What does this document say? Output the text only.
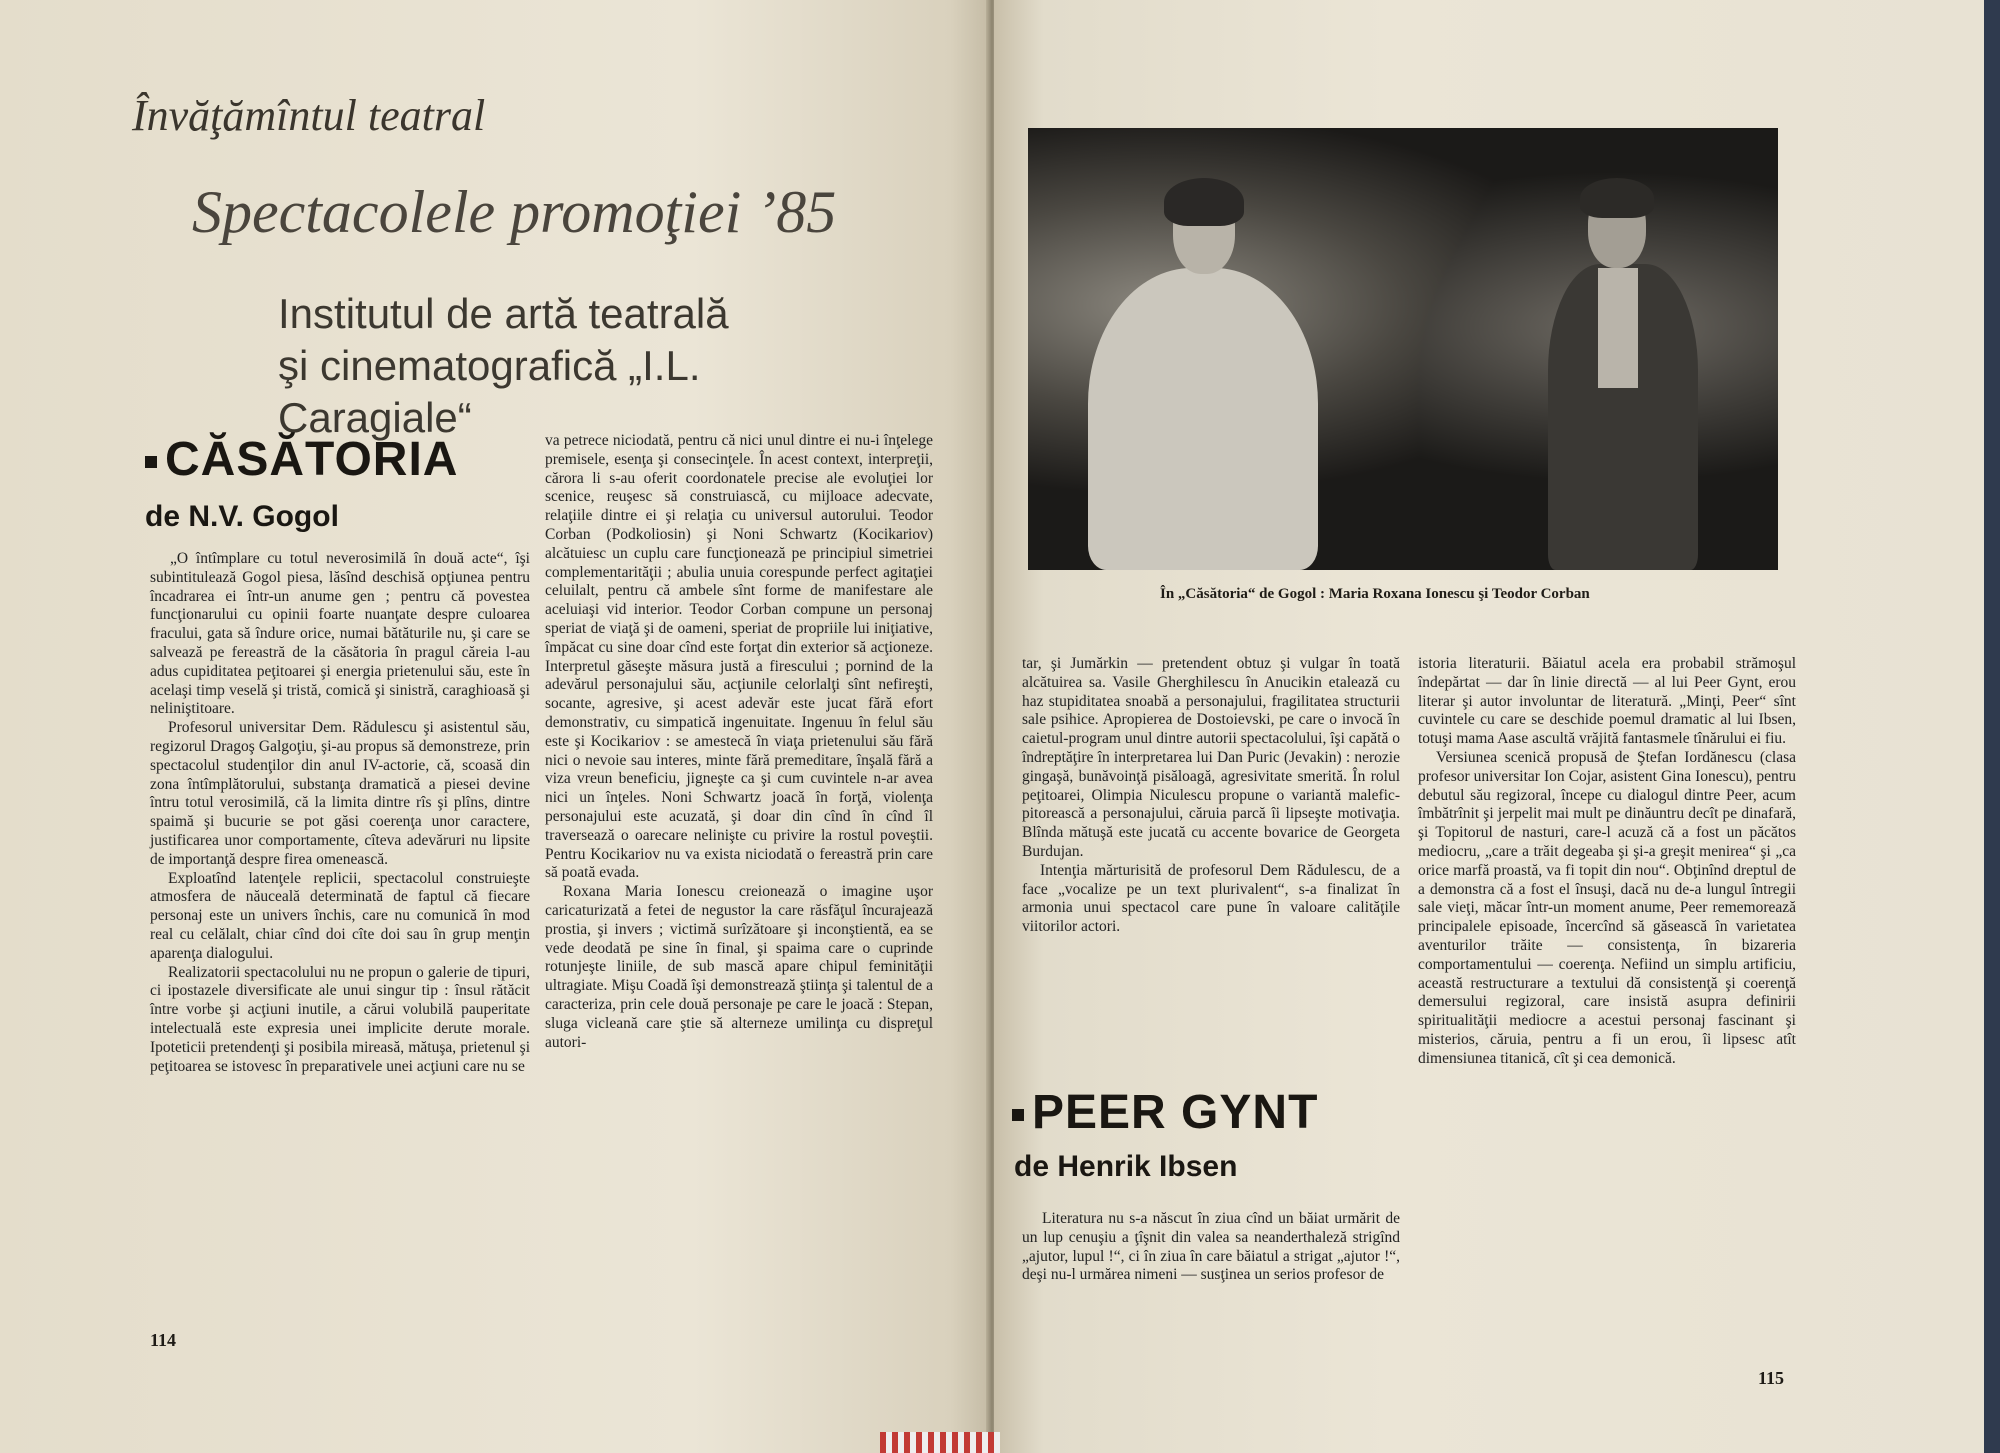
Învăţămîntul teatral
Spectacolele promoţiei ’85
Institutul de artă teatrală
şi cinematografică „I.L. Caragiale“
CĂSĂTORIA
de N.V. Gogol

„O întîmplare cu totul neverosimilă în două acte“, îşi subintitulează Gogol piesa, lăsînd deschisă opţiunea pentru încadrarea ei într-un anume gen ; pentru că povestea funcţionarului cu opinii foarte nuanţate despre culoarea fracului, gata să îndure orice, numai bătăturile nu, şi care se salvează pe fereastră de la căsătoria în pragul căreia l-au adus cupiditatea peţitoarei şi energia prietenului său, este în acelaşi timp veselă şi tristă, comică şi sinistră, caraghioasă şi neliniştitoare.

Profesorul universitar Dem. Rădulescu şi asistentul său, regizorul Dragoş Galgoţiu, şi-au propus să demonstreze, prin spectacolul studenţilor din anul IV-actorie, că, scoasă din zona întîmplătorului, substanţa dramatică a piesei devine întru totul verosimilă, că la limita dintre rîs şi plîns, dintre spaimă şi bucurie se pot găsi coerenţa unor caractere, justificarea unor comportamente, cîteva adevăruri nu lipsite de importanţă despre firea omenească.

Exploatînd latenţele replicii, spectacolul construieşte atmosfera de năuceală determinată de faptul că fiecare personaj este un univers închis, care nu comunică în mod real cu celălalt, chiar cînd doi cîte doi sau în grup menţin aparenţa dialogului.

Realizatorii spectacolului nu ne propun o galerie de tipuri, ci ipostazele diversificate ale unui singur tip : însul rătăcit între vorbe şi acţiuni inutile, a cărui volubilă pauperitate intelectuală este expresia unei implicite derute morale. Ipoteticii pretendenţi şi posibila mireasă, mătuşa, prietenul şi peţitoarea se istovesc în preparativele unei acţiuni care nu se

va petrece niciodată, pentru că nici unul dintre ei nu-i înţelege premisele, esenţa şi consecinţele. În acest context, interpreţii, cărora li s-au oferit coordonatele precise ale evoluţiei lor scenice, reuşesc să construiască, cu mijloace adecvate, relaţiile dintre ei şi relaţia cu universul autorului. Teodor Corban (Podkoliosin) şi Noni Schwartz (Kocikariov) alcătuiesc un cuplu care funcţionează pe principiul simetriei complementarităţii ; abulia unuia corespunde perfect agitaţiei celuilalt, pentru că ambele sînt forme de manifestare ale aceluiaşi vid interior. Teodor Corban compune un personaj speriat de viaţă şi de oameni, speriat de propriile lui iniţiative, împăcat cu sine doar cînd este forţat din exterior să acţioneze. Interpretul găseşte măsura justă a firescului ; pornind de la adevărul personajului său, acţiunile celorlalţi sînt nefireşti, socante, agresive, şi acest adevăr este jucat fără efort demonstrativ, cu simpatică ingenuitate. Ingenuu în felul său este şi Kocikariov : se amestecă în viaţa prietenului său fără nici o nevoie sau interes, minte fără premeditare, înşală fără a viza vreun beneficiu, jigneşte ca şi cum cuvintele n-ar avea nici un înţeles. Noni Schwartz joacă în forţă, violenţa personajului este acuzată, şi doar din cînd în cînd îl traversează o oarecare nelinişte cu privire la rostul poveştii. Pentru Kocikariov nu va exista niciodată o fereastră prin care să poată evada.

Roxana Maria Ionescu creionează o imagine uşor caricaturizată a fetei de negustor la care răsfăţul încurajează prostia, şi invers ; victimă surîzătoare şi inconştientă, ea se vede deodată pe sine în final, şi spaima care o cuprinde rotunjeşte liniile, de sub mască apare chipul feminităţii ultragiate. Mişu Coadă îşi demonstrează ştiinţa şi talentul de a caracteriza, prin cele două personaje pe care le joacă : Stepan, sluga vicleană care ştie să alterneze umilinţa cu dispreţul autori-

114

În „Căsătoria“ de Gogol : Maria Roxana Ionescu şi Teodor Corban

tar, şi Jumărkin — pretendent obtuz şi vulgar în toată alcătuirea sa. Vasile Gherghilescu în Anucikin etalează cu haz stupiditatea snoabă a personajului, fragilitatea structurii sale psihice. Apropierea de Dostoievski, pe care o invocă în caietul-program unul dintre autorii spectacolului, îşi capătă o îndreptăţire în interpretarea lui Dan Puric (Jevakin) : nerozie gingaşă, bunăvoinţă pisăloagă, agresivitate smerită. În rolul peţitoarei, Olimpia Niculescu propune o variantă malefic-pitorească a personajului, căruia parcă îi lipseşte motivaţia. Blînda mătuşă este jucată cu accente bovarice de Georgeta Burdujan.

Intenţia mărturisită de profesorul Dem Rădulescu, de a face „vocalize pe un text plurivalent“, s-a finalizat în armonia unui spectacol care pune în valoare calităţile viitorilor actori.

PEER GYNT
de Henrik Ibsen

Literatura nu s-a născut în ziua cînd un băiat urmărit de un lup cenuşiu a ţîşnit din valea sa neanderthaleză strigînd „ajutor, lupul !“, ci în ziua în care băiatul a strigat „ajutor !“, deşi nu-l urmărea nimeni — susţinea un serios profesor de

istoria literaturii. Băiatul acela era probabil strămoşul îndepărtat — dar în linie directă — al lui Peer Gynt, erou literar şi autor involuntar de literatură. „Minţi, Peer“ sînt cuvintele cu care se deschide poemul dramatic al lui Ibsen, totuşi mama Aase ascultă vrăjită fantasmele tînărului ei fiu.

Versiunea scenică propusă de Ştefan Iordănescu (clasa profesor universitar Ion Cojar, asistent Gina Ionescu), pentru debutul său regizoral, începe cu dialogul dintre Peer, acum îmbătrînit şi jerpelit mai mult pe dinăuntru decît pe dinafară, şi Topitorul de nasturi, care-l acuză că a fost un păcătos mediocru, „care a trăit degeaba şi şi-a greşit menirea“ şi „ca orice marfă proastă, va fi topit din nou“. Obţinînd dreptul de a demonstra că a fost el însuşi, dacă nu de-a lungul întregii sale vieţi, măcar într-un moment anume, Peer rememorează principalele episoade, încercînd să găsească în varietatea aventurilor trăite — consistenţa, în bizareria comportamentului — coerenţa. Nefiind un simplu artificiu, această restructurare a textului dă consistenţă şi coerenţă demersului regizoral, care insistă asupra definirii spiritualităţii mediocre a acestui personaj fascinant şi misterios, căruia, pentru a fi un erou, îi lipsesc atît dimensiunea titanică, cît şi cea demonică.

115
